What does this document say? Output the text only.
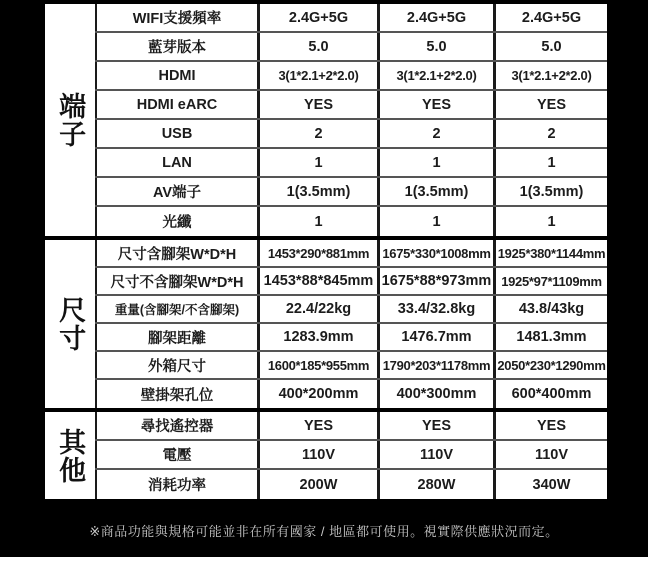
端子
WIFI支援頻率	2.4G+5G	2.4G+5G	2.4G+5G
藍芽版本	5.0	5.0	5.0
HDMI	3(1*2.1+2*2.0)	3(1*2.1+2*2.0)	3(1*2.1+2*2.0)
HDMI eARC	YES	YES	YES
USB	2	2	2
LAN	1	1	1
AV端子	1(3.5mm)	1(3.5mm)	1(3.5mm)
光纖	1	1	1
尺寸
尺寸含腳架W*D*H	1453*290*881mm	1675*330*1008mm 1925*380*1144mm
尺寸不含腳架W*D*H	1453*88*845mm 1675*88*973mm 1925*97*1109mm
重量(含腳架/不含腳架)	22.4/22kg	33.4/32.8kg	43.8/43kg
腳架距離	1283.9mm	1476.7mm	1481.3mm
外箱尺寸	1600*185*955mm	1790*203*1178mm 2050*230*1290mm
壁掛架孔位	400*200mm	400*300mm	600*400mm
其他
尋找遙控器	YES	YES	YES
電壓	110V	110V	110V
消耗功率	200W	280W	340W
※商品功能與規格可能並非在所有國家 / 地區都可使用。視實際供應狀況而定。
